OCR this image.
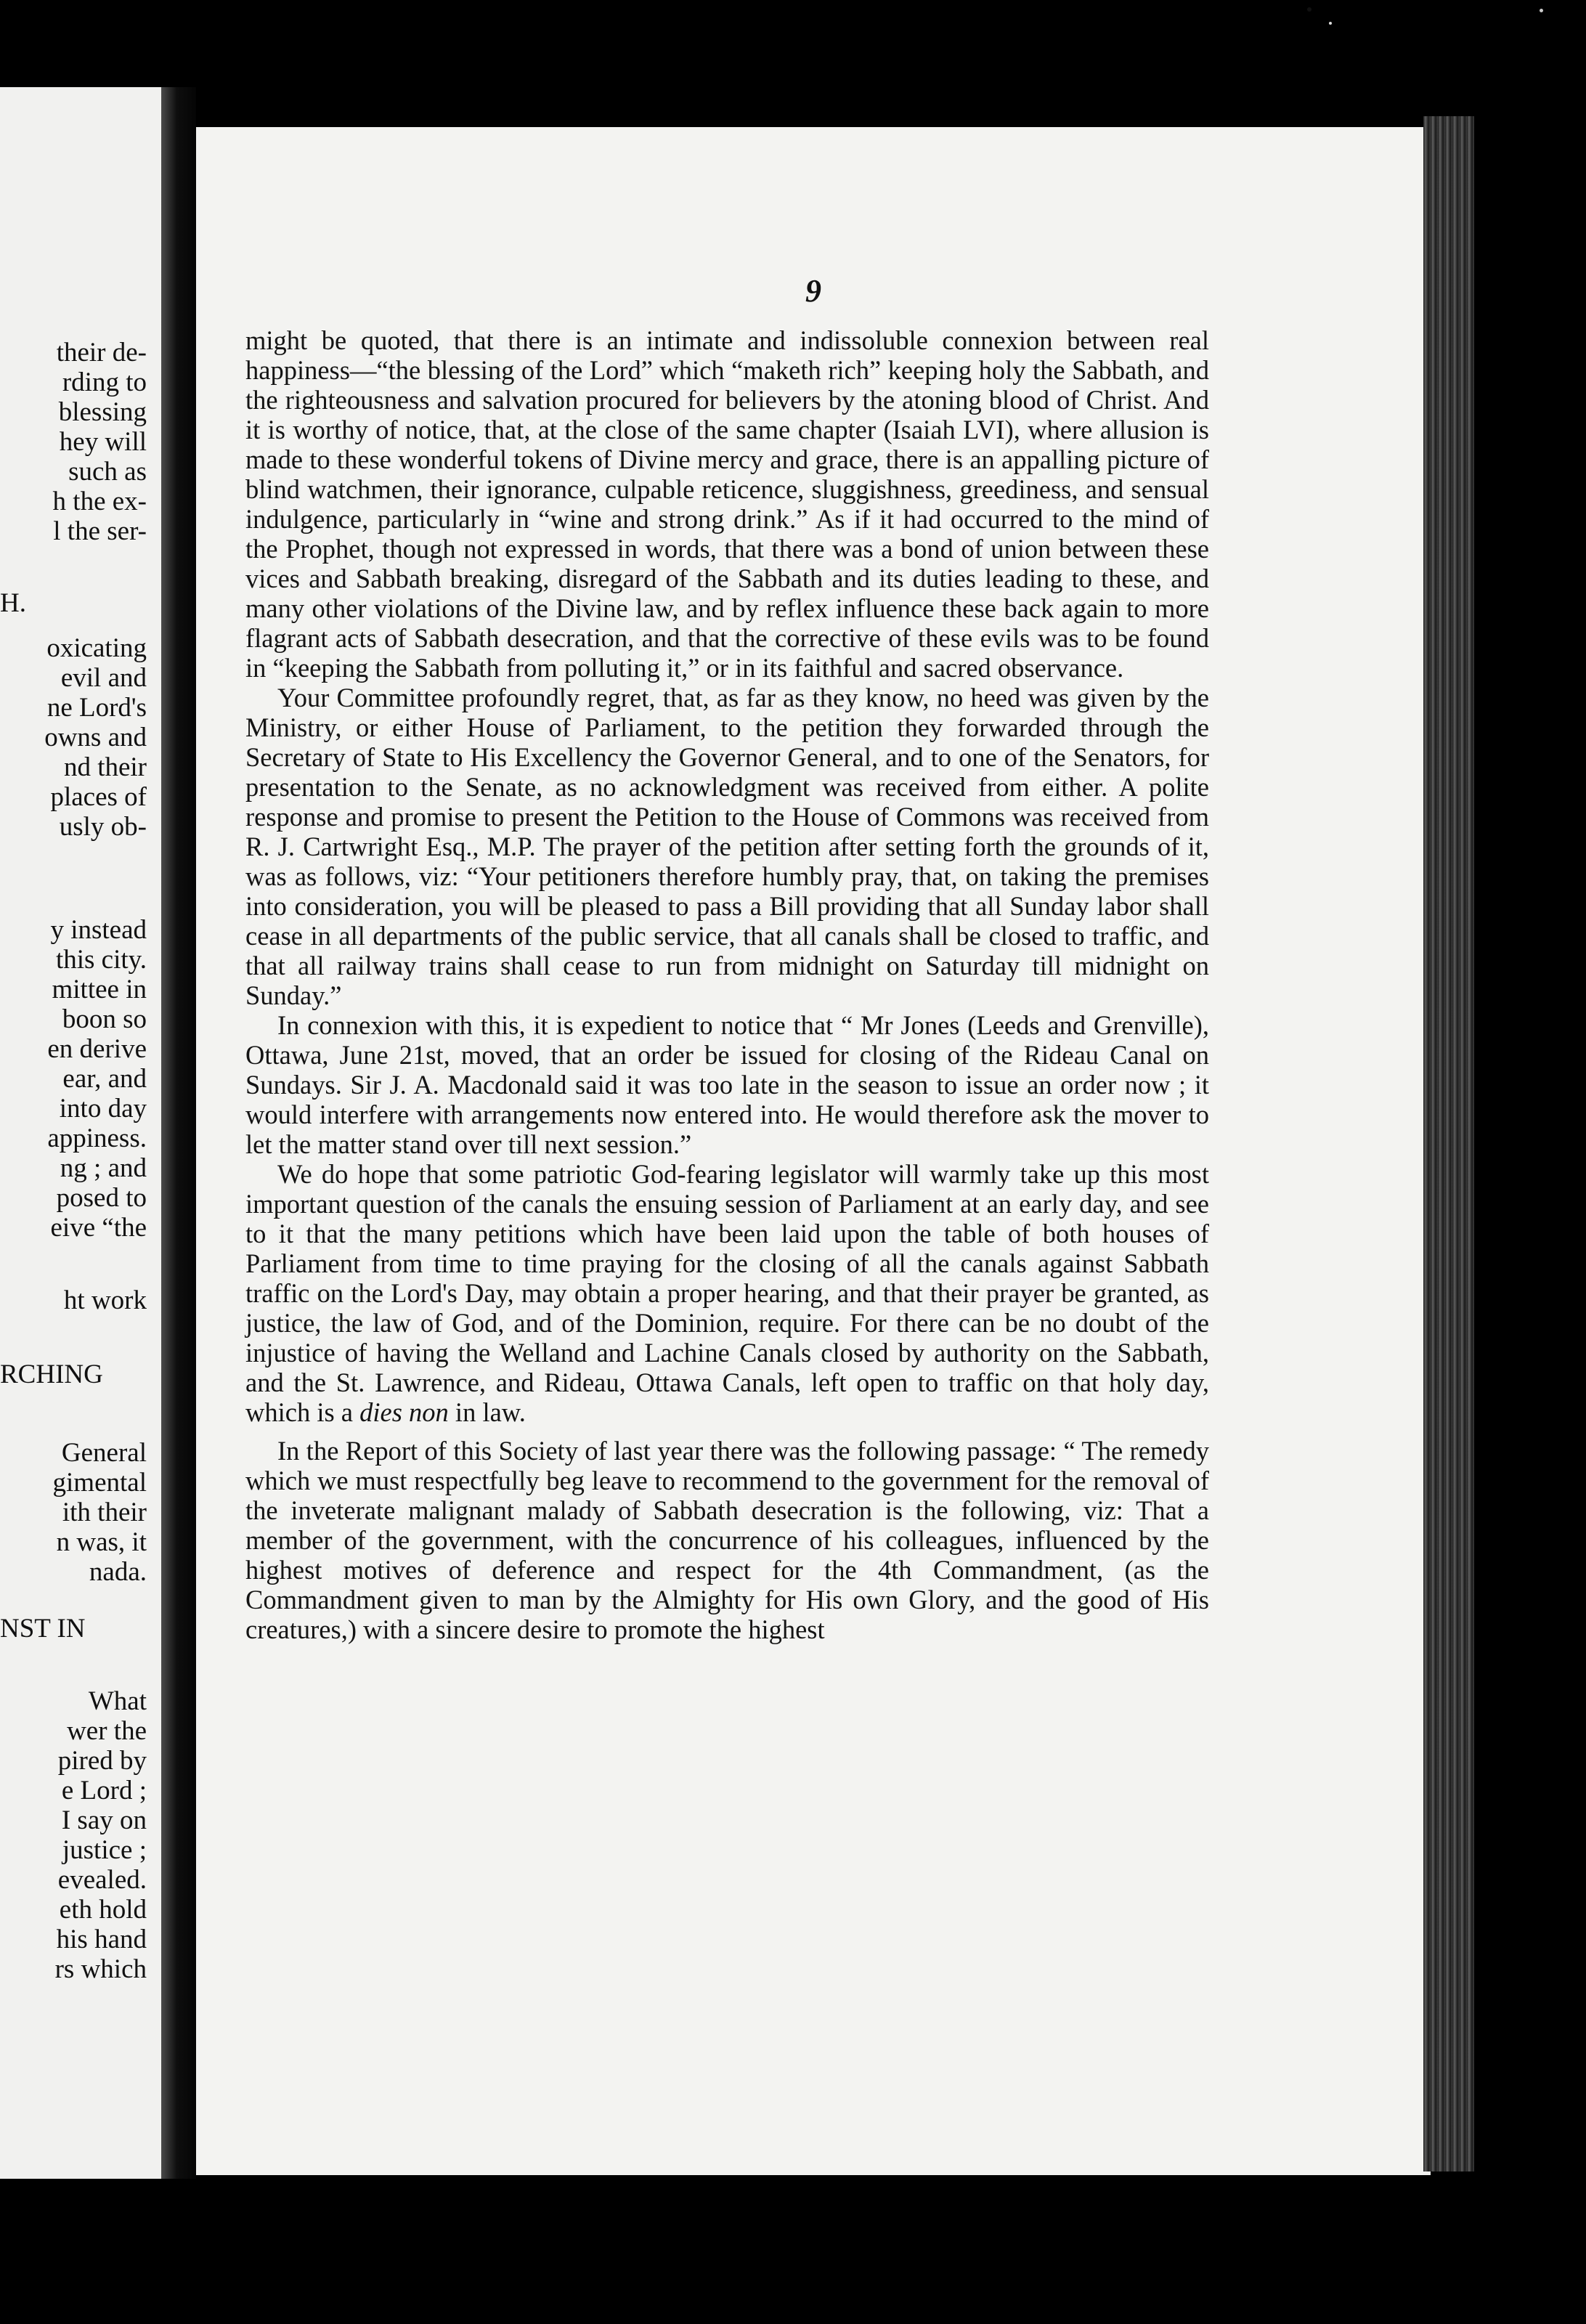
their de-
rding to
blessing
hey will
such as
h the ex-
l the ser-
H.
oxicating
evil and
ne Lord's
owns and
nd their
places of
usly ob-
y instead
this city.
mittee in
boon so
en derive
ear, and
into day
appiness.
ng ; and
posed to
eive “the
ht work
RCHING
General
gimental
ith their
n was, it
nada.
NST IN
What
wer the
pired by
e Lord ;
I say on
justice ;
evealed.
eth hold
his hand
rs which
9

might be quoted, that there is an intimate and indissoluble connexion between real happiness—“the blessing of the Lord” which “maketh rich” keeping holy the Sabbath, and the righteousness and salvation procured for believers by the atoning blood of Christ. And it is worthy of notice, that, at the close of the same chapter (Isaiah LVI), where allusion is made to these wonderful tokens of Divine mercy and grace, there is an appalling picture of blind watchmen, their ignorance, culpable reticence, sluggishness, greediness, and sensual indulgence, particularly in “wine and strong drink.” As if it had occurred to the mind of the Prophet, though not expressed in words, that there was a bond of union between these vices and Sabbath breaking, disregard of the Sabbath and its duties leading to these, and many other violations of the Divine law, and by reflex influence these back again to more flagrant acts of Sabbath desecration, and that the corrective of these evils was to be found in “keeping the Sabbath from polluting it,” or in its faithful and sacred observance.

Your Committee profoundly regret, that, as far as they know, no heed was given by the Ministry, or either House of Parliament, to the petition they forwarded through the Secretary of State to His Excellency the Governor General, and to one of the Senators, for presentation to the Senate, as no acknowledgment was received from either. A polite response and promise to present the Petition to the House of Commons was received from R. J. Cartwright Esq., M.P. The prayer of the petition after setting forth the grounds of it, was as follows, viz: “Your petitioners therefore humbly pray, that, on taking the premises into consideration, you will be pleased to pass a Bill providing that all Sunday labor shall cease in all departments of the public service, that all canals shall be closed to traffic, and that all railway trains shall cease to run from midnight on Saturday till midnight on Sunday.”

In connexion with this, it is expedient to notice that “ Mr Jones (Leeds and Grenville), Ottawa, June 21st, moved, that an order be issued for closing of the Rideau Canal on Sundays. Sir J. A. Macdonald said it was too late in the season to issue an order now ; it would interfere with arrangements now entered into. He would therefore ask the mover to let the matter stand over till next session.”

We do hope that some patriotic God-fearing legislator will warmly take up this most important question of the canals the ensuing session of Parliament at an early day, and see to it that the many petitions which have been laid upon the table of both houses of Parliament from time to time praying for the closing of all the canals against Sabbath traffic on the Lord's Day, may obtain a proper hearing, and that their prayer be granted, as justice, the law of God, and of the Dominion, require. For there can be no doubt of the injustice of having the Welland and Lachine Canals closed by authority on the Sabbath, and the St. Lawrence, and Rideau, Ottawa Canals, left open to traffic on that holy day, which is a dies non in law.

In the Report of this Society of last year there was the following passage: “ The remedy which we must respectfully beg leave to recommend to the government for the removal of the inveterate malignant malady of Sabbath desecration is the following, viz: That a member of the government, with the concurrence of his colleagues, influenced by the highest motives of deference and respect for the 4th Commandment, (as the Commandment given to man by the Almighty for His own Glory, and the good of His creatures,) with a sincere desire to promote the highest
